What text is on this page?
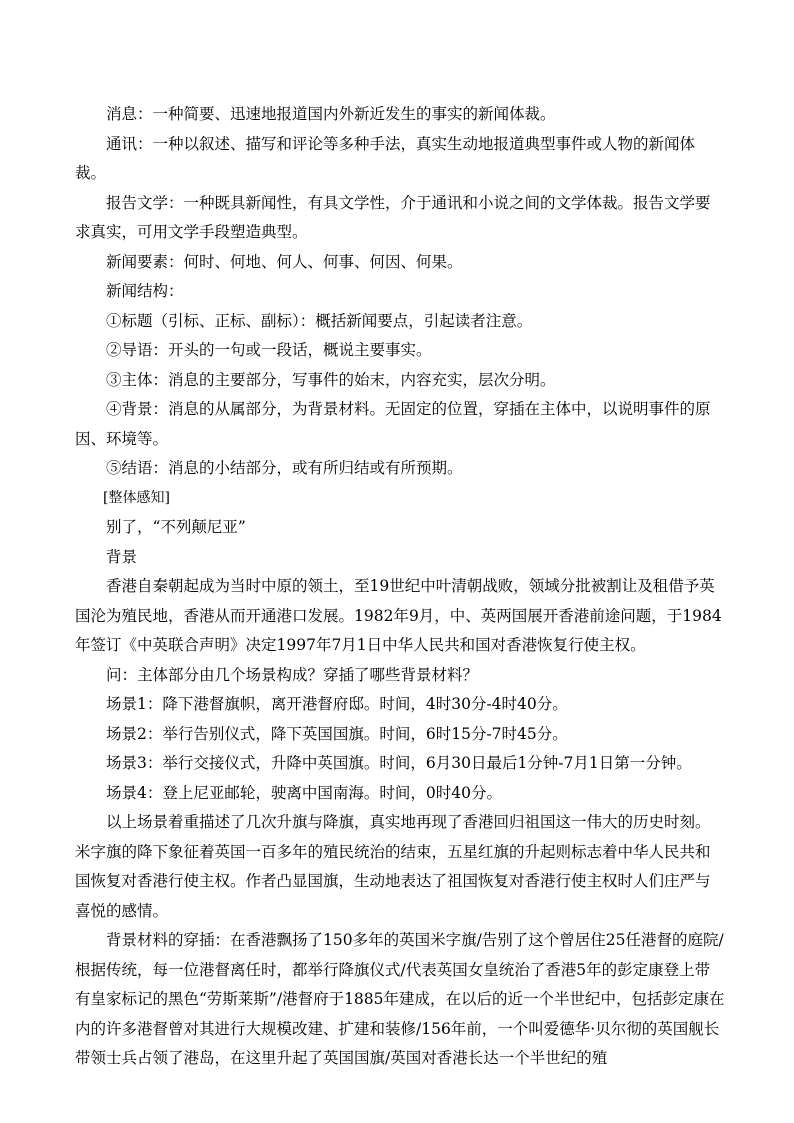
消息：一种简要、迅速地报道国内外新近发生的事实的新闻体裁。

通讯：一种以叙述、描写和评论等多种手法，真实生动地报道典型事件或人物的新闻体裁。

报告文学：一种既具新闻性，有具文学性，介于通讯和小说之间的文学体裁。报告文学要求真实，可用文学手段塑造典型。

新闻要素：何时、何地、何人、何事、何因、何果。

新闻结构：

①标题（引标、正标、副标）：概括新闻要点，引起读者注意。

②导语：开头的一句或一段话，概说主要事实。

③主体：消息的主要部分，写事件的始末，内容充实，层次分明。

④背景：消息的从属部分，为背景材料。无固定的位置，穿插在主体中，以说明事件的原因、环境等。

⑤结语：消息的小结部分，或有所归结或有所预期。

[整体感知]

别了，“不列颠尼亚”

背景

香港自秦朝起成为当时中原的领土，至19世纪中叶清朝战败，领域分批被割让及租借予英国沦为殖民地，香港从而开通港口发展。1982年9月，中、英两国展开香港前途问题，于1984年签订《中英联合声明》决定1997年7月1日中华人民共和国对香港恢复行使主权。

问：主体部分由几个场景构成？穿插了哪些背景材料？

场景1：降下港督旗帜，离开港督府邸。时间，4时30分-4时40分。

场景2：举行告别仪式，降下英国国旗。时间，6时15分-7时45分。

场景3：举行交接仪式，升降中英国旗。时间，6月30日最后1分钟-7月1日第一分钟。

场景4：登上尼亚邮轮，驶离中国南海。时间，0时40分。

以上场景着重描述了几次升旗与降旗，真实地再现了香港回归祖国这一伟大的历史时刻。米字旗的降下象征着英国一百多年的殖民统治的结束，五星红旗的升起则标志着中华人民共和国恢复对香港行使主权。作者凸显国旗，生动地表达了祖国恢复对香港行使主权时人们庄严与喜悦的感情。

背景材料的穿插：在香港飘扬了150多年的英国米字旗/告别了这个曾居住25任港督的庭院/根据传统，每一位港督离任时，都举行降旗仪式/代表英国女皇统治了香港5年的彭定康登上带有皇家标记的黑色“劳斯莱斯”/港督府于1885年建成，在以后的近一个半世纪中，包括彭定康在内的许多港督曾对其进行大规模改建、扩建和装修/156年前，一个叫爱德华·贝尔彻的英国舰长带领士兵占领了港岛，在这里升起了英国国旗/英国对香港长达一个半世纪的殖
